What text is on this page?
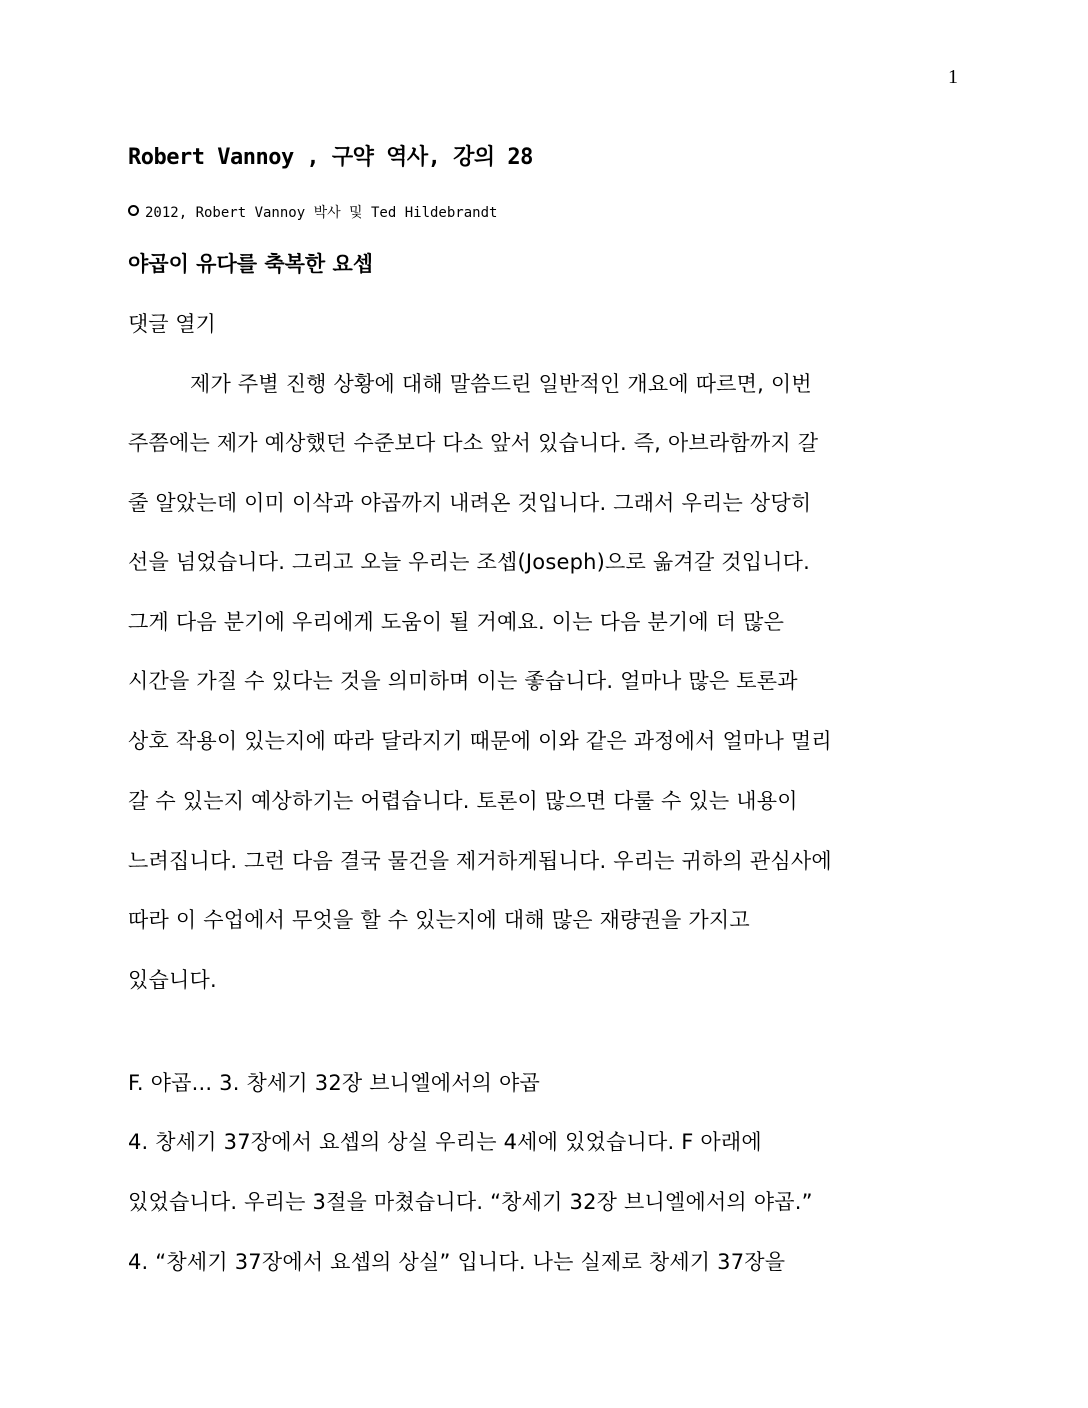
1
Robert Vannoy , 구약 역사, 강의 28
2012, Robert Vannoy 박사 및 Ted Hildebrandt
야곱이 유다를 축복한 요셉
댓글 열기
제가 주별 진행 상황에 대해 말씀드린 일반적인 개요에 따르면, 이번
주쯤에는 제가 예상했던 수준보다 다소 앞서 있습니다. 즉, 아브라함까지 갈
줄 알았는데 이미 이삭과 야곱까지 내려온 것입니다. 그래서 우리는 상당히
선을 넘었습니다. 그리고 오늘 우리는 조셉(Joseph)으로 옮겨갈 것입니다.
그게 다음 분기에 우리에게 도움이 될 거예요. 이는 다음 분기에 더 많은
시간을 가질 수 있다는 것을 의미하며 이는 좋습니다. 얼마나 많은 토론과
상호 작용이 있는지에 따라 달라지기 때문에 이와 같은 과정에서 얼마나 멀리
갈 수 있는지 예상하기는 어렵습니다. 토론이 많으면 다룰 수 있는 내용이
느려집니다. 그런 다음 결국 물건을 제거하게됩니다. 우리는 귀하의 관심사에
따라 이 수업에서 무엇을 할 수 있는지에 대해 많은 재량권을 가지고
있습니다.
F. 야곱... 3. 창세기 32장 브니엘에서의 야곱
4. 창세기 37장에서 요셉의 상실 우리는 4세에 있었습니다. F 아래에
있었습니다. 우리는 3절을 마쳤습니다. “창세기 32장 브니엘에서의 야곱.”
4. “창세기 37장에서 요셉의 상실” 입니다. 나는 실제로 창세기 37장을
